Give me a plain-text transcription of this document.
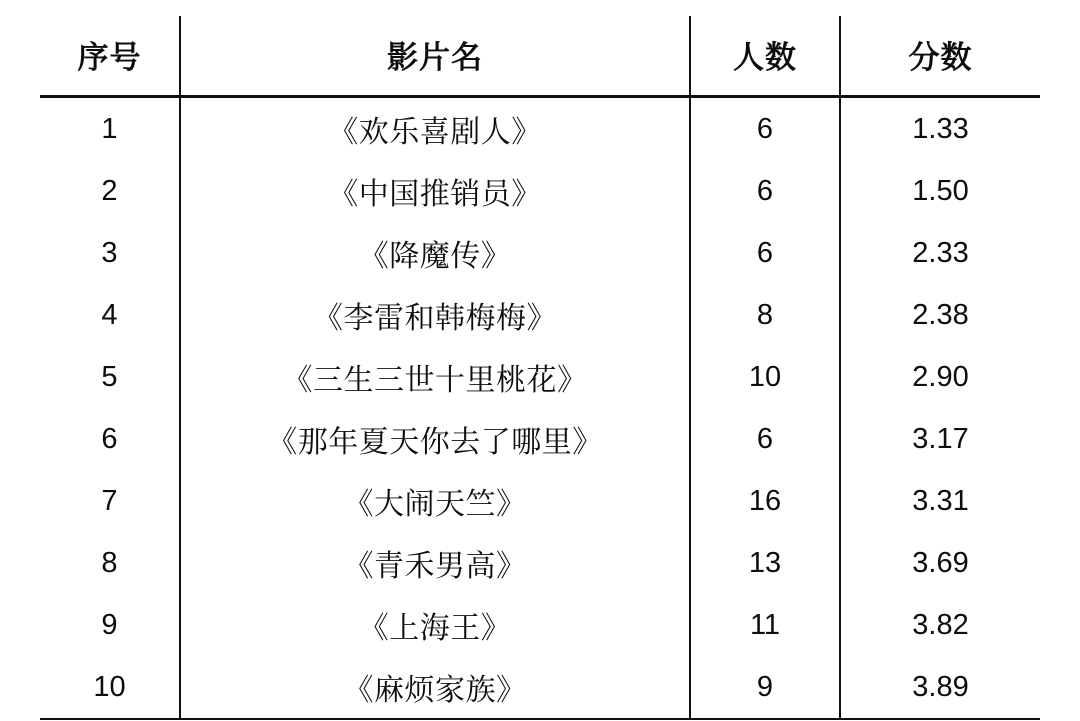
序号	影片名	人数	分数
1	《欢乐喜剧人》	6	1.33
2	《中国推销员》	6	1.50
3	《降魔传》	6	2.33
4	《李雷和韩梅梅》	8	2.38
5	《三生三世十里桃花》	10	2.90
6	《那年夏天你去了哪里》	6	3.17
7	《大闹天竺》	16	3.31
8	《青禾男高》	13	3.69
9	《上海王》	11	3.82
10	《麻烦家族》	9	3.89
